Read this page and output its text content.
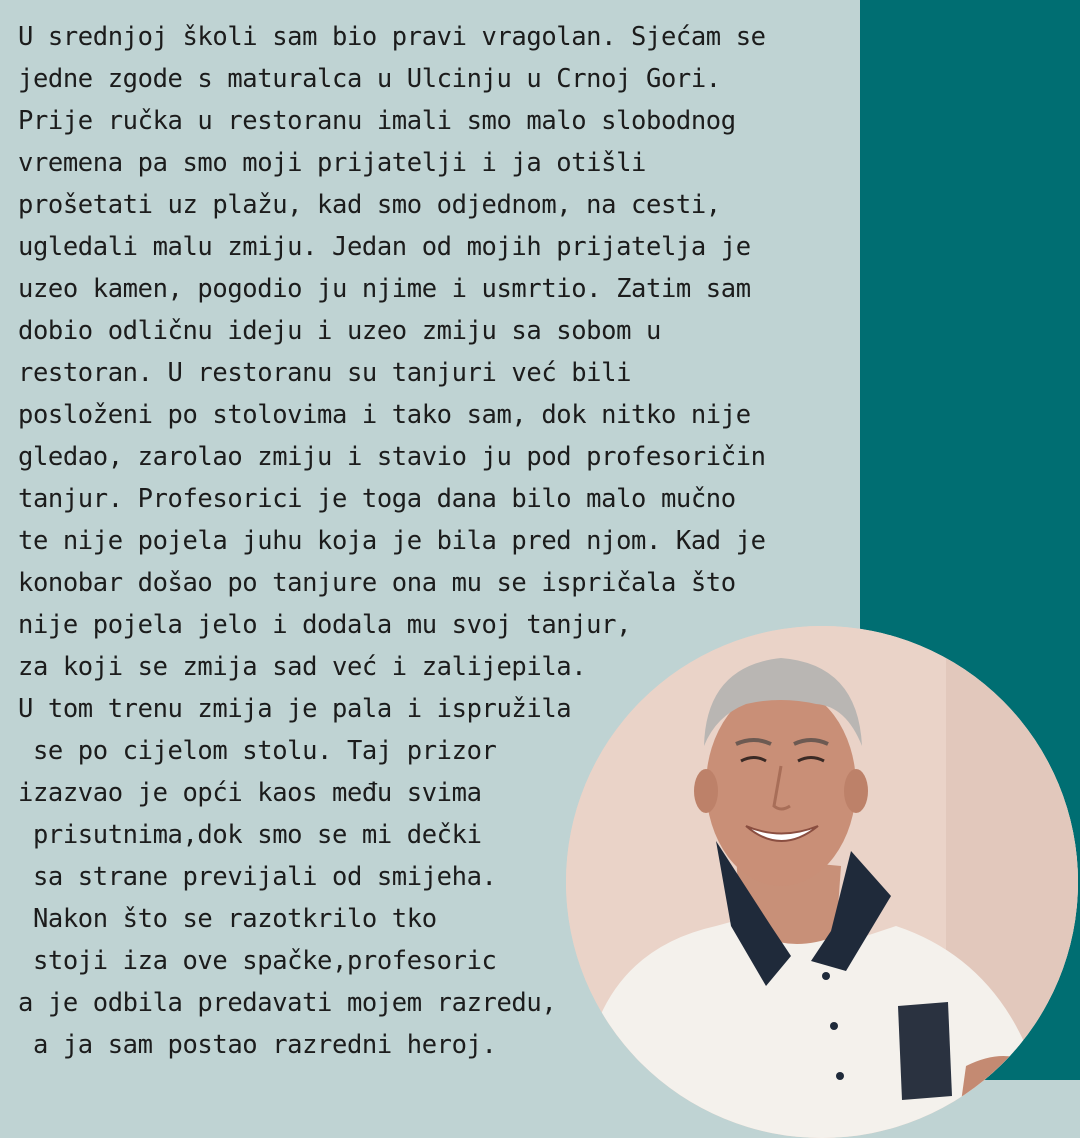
U srednjoj školi sam bio pravi vragolan. Sjećam se
jedne zgode s maturalca u Ulcinju u Crnoj Gori.
Prije ručka u restoranu imali smo malo slobodnog
vremena pa smo moji prijatelji i ja otišli
prošetati uz plažu, kad smo odjednom, na cesti,
ugledali malu zmiju. Jedan od mojih prijatelja je
uzeo kamen, pogodio ju njime i usmrtio. Zatim sam
dobio odličnu ideju i uzeo zmiju sa sobom u
restoran. U restoranu su tanjuri već bili
posloženi po stolovima i tako sam, dok nitko nije
gledao, zarolao zmiju i stavio ju pod profesoričin
tanjur. Profesorici je toga dana bilo malo mučno
te nije pojela juhu koja je bila pred njom. Kad je
konobar došao po tanjure ona mu se ispričala što
nije pojela jelo i dodala mu svoj tanjur,
za koji se zmija sad već i zalijepila.
U tom trenu zmija je pala i ispružila
se po cijelom stolu. Taj prizor
izazvao je opći kaos među svima
prisutnima,dok smo se mi dečki
sa strane previjali od smijeha.
Nakon što se razotkrilo tko
stoji iza ove spačke,profesoric
a je odbila predavati mojem razredu,
a ja sam postao razredni heroj.
